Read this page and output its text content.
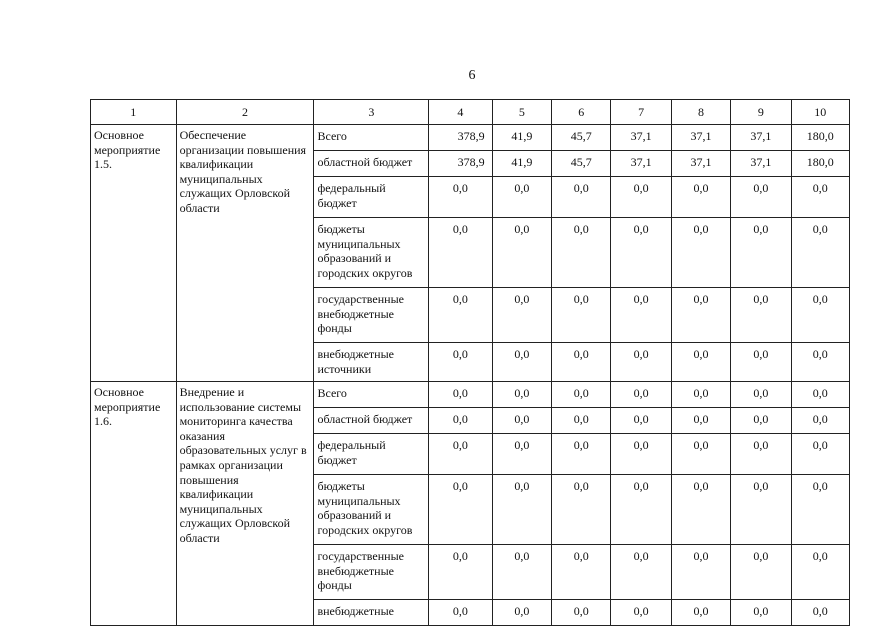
6
1	2	3	4	5	6	7	8	9	10
Основное мероприятие 1.5.	Обеспечение организации повышения квалификации муниципальных служащих Орловской области	Всего	378,9	41,9	45,7	37,1	37,1	37,1	180,0
		областной бюджет	378,9	41,9	45,7	37,1	37,1	37,1	180,0
		федеральный бюджет	0,0	0,0	0,0	0,0	0,0	0,0	0,0
		бюджеты муниципальных образований и городских округов	0,0	0,0	0,0	0,0	0,0	0,0	0,0
		государственные внебюджетные фонды	0,0	0,0	0,0	0,0	0,0	0,0	0,0
		внебюджетные источники	0,0	0,0	0,0	0,0	0,0	0,0	0,0
Основное мероприятие 1.6.	Внедрение и использование системы мониторинга качества оказания образовательных услуг в рамках организации повышения квалификации муниципальных служащих Орловской области	Всего	0,0	0,0	0,0	0,0	0,0	0,0	0,0
		областной бюджет	0,0	0,0	0,0	0,0	0,0	0,0	0,0
		федеральный бюджет	0,0	0,0	0,0	0,0	0,0	0,0	0,0
		бюджеты муниципальных образований и городских округов	0,0	0,0	0,0	0,0	0,0	0,0	0,0
		государственные внебюджетные фонды	0,0	0,0	0,0	0,0	0,0	0,0	0,0
		внебюджетные	0,0	0,0	0,0	0,0	0,0	0,0	0,0
